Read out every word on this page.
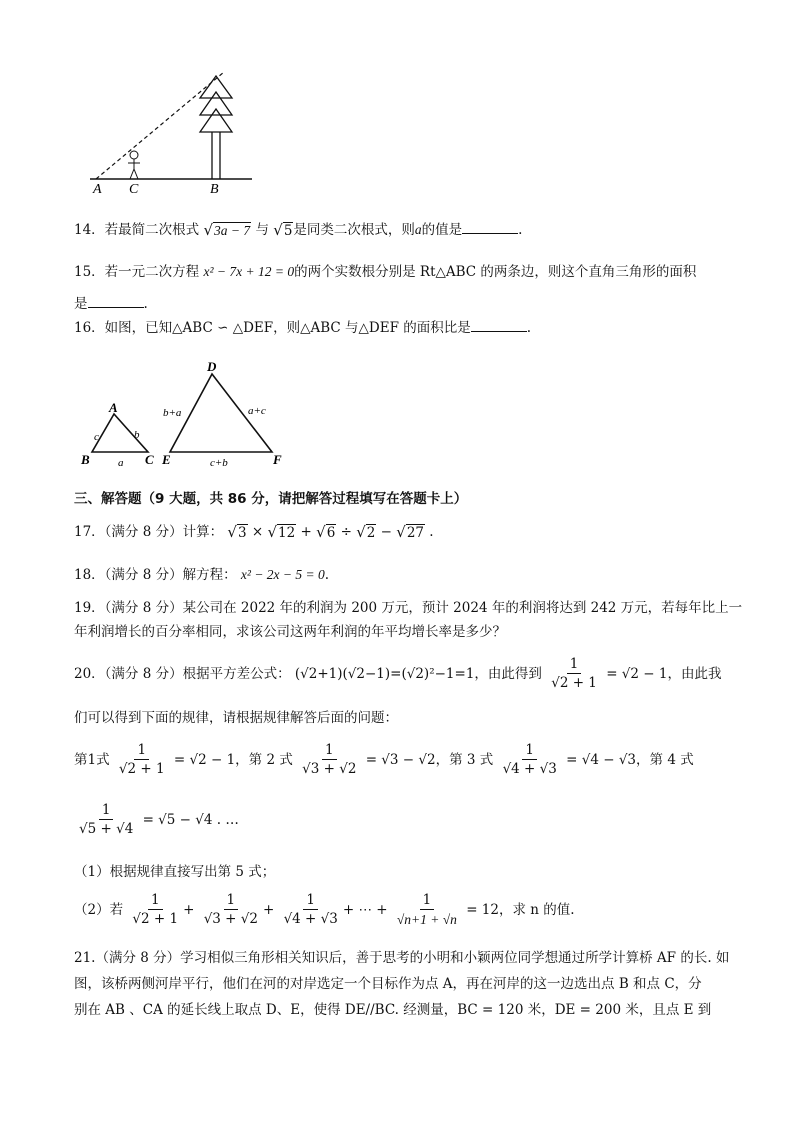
A C	B
14．若最简二次根式 √ 3a − 7 与 √ 5 是同类二次根式，则a的值是	.
15．若一元二次方程 x² − 7x + 12 = 0的两个实数根分别是 Rt△ABC 的两条边，则这个直角三角形的面积
是	.
16．如图，已知△ABC ∽ △DEF，则△ABC 与△DEF 的面积比是	.
A
B	C
c	b
a
D
E	F
b+a	a+c
c+b
三、解答题（9 大题，共 86 分，请把解答过程填写在答题卡上）
17．（满分 8 分）计算： √ 3 × √ 12 + √ 6 ÷ √ 2 − √ 27 .
18．（满分 8 分）解方程： x² − 2x − 5 = 0.
19．（满分 8 分）某公司在 2022 年的利润为 200 万元，预计 2024 年的利润将达到 242 万元，若每年比上一
年利润增长的百分率相同，求该公司这两年利润的年平均增长率是多少？
20．（满分 8 分）根据平方差公式： (√2+1)(√2−1)=(√2)²−1=1，由此得到 $\frac{1}{√2 + 1} = √2 - 1$，由此我
们可以得到下面的规律，请根据规律解答后面的问题：
第1式 $\frac{1}{√2 + 1} = √2 - 1$，第 2 式 $\frac{1}{√3 + √2} = √3 - √2$，第 3 式 $\frac{1}{√4 + √3} = √4 - √3$，第 4 式
$\frac{1}{√5 + √4} = √5 - √4$ . …
（1）根据规律直接写出第 5 式；
（2）若 $\frac{1}{√2 + 1} + \frac{1}{√3 + √2} + \frac{1}{√4 + √3}$ + ⋯ + $\frac{1}{√n+1 + √n} = 12$，求 n 的值.
21.（满分 8 分）学习相似三角形相关知识后，善于思考的小明和小颖两位同学想通过所学计算桥 AF 的长. 如
图，该桥两侧河岸平行，他们在河的对岸选定一个目标作为点 A，再在河岸的这一边选出点 B 和点 C，分
别在 AB 、CA 的延长线上取点 D、E，使得 DE//BC. 经测量，BC = 120 米，DE = 200 米，且点 E 到
